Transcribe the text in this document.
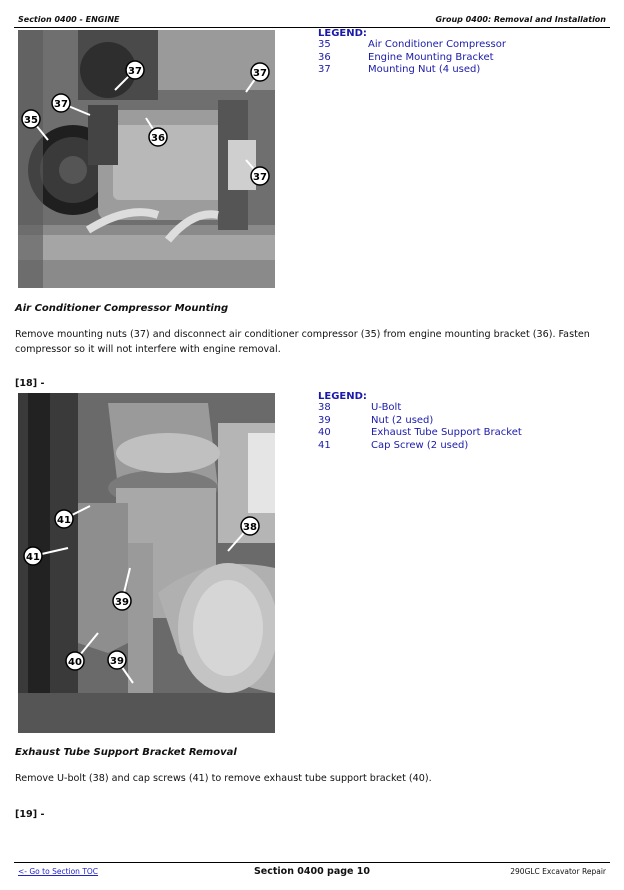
Section 0400 - ENGINE	Group 0400: Removal and Installation
37	37
37
35
36
37
LEGEND:
35	Air Conditioner Compressor
36	Engine Mounting Bracket
37	Mounting Nut (4 used)
Air Conditioner Compressor Mounting
Remove mounting nuts (37) and disconnect air conditioner compressor (35) from engine mounting bracket (36). Fasten compressor so it will not interfere with engine removal.
[18] -
41
38
41
39
40	39
LEGEND:
38	U-Bolt
39	Nut (2 used)
40	Exhaust Tube Support Bracket
41	Cap Screw (2 used)
Exhaust Tube Support Bracket Removal
Remove U-bolt (38) and cap screws (41) to remove exhaust tube support bracket (40).
[19] -
<- Go to Section TOC	Section 0400 page 10	290GLC Excavator Repair
